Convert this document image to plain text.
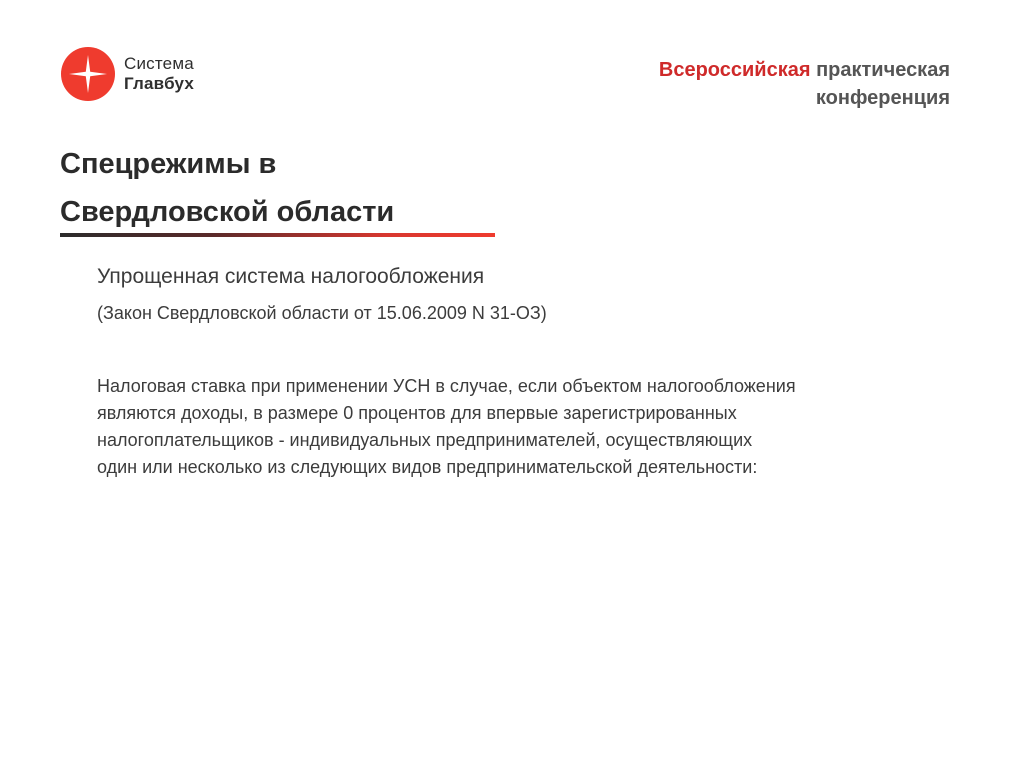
Система
Главбух
Всероссийская практическая
конференция
Спецрежимы в
Свердловской области
Упрощенная система налогообложения
(Закон Свердловской области от 15.06.2009 N 31-ОЗ)
Налоговая ставка при применении УСН в случае, если объектом налогообложения
являются доходы, в размере 0 процентов для впервые зарегистрированных
налогоплательщиков - индивидуальных предпринимателей, осуществляющих
один или несколько из следующих видов предпринимательской деятельности:
